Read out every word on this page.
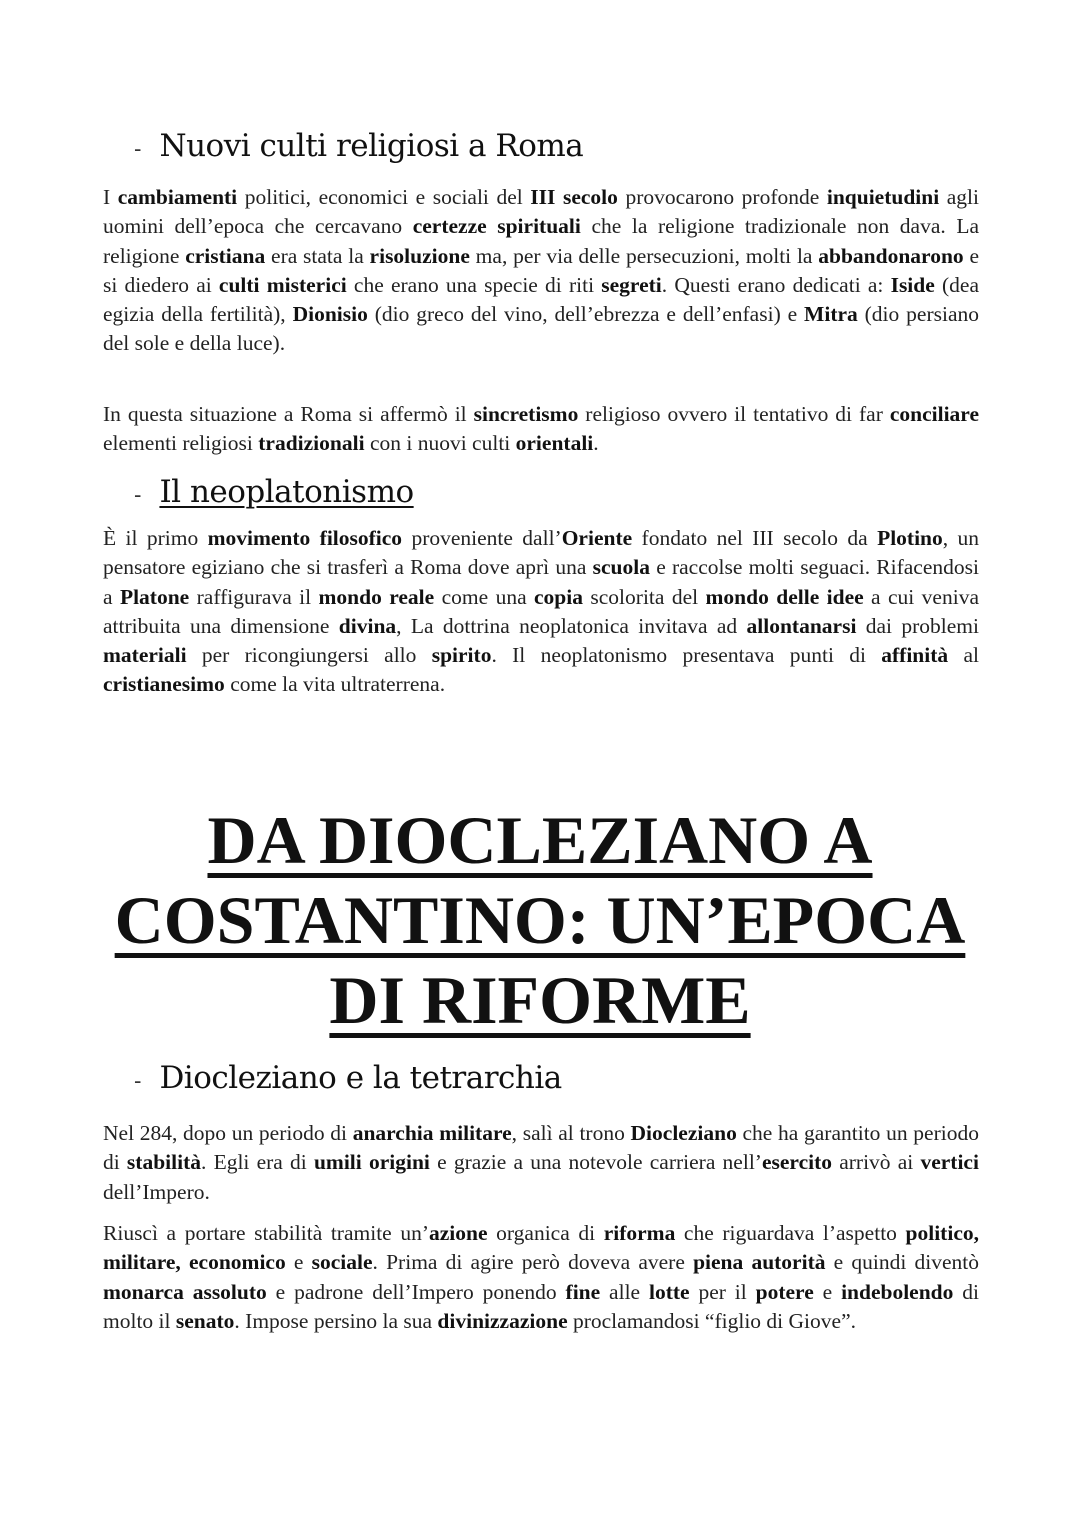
- Nuovi culti religiosi a Roma

I cambiamenti politici, economici e sociali del III secolo provocarono profonde inquietudini agli uomini dell’epoca che cercavano certezze spirituali che la religione tradizionale non dava. La religione cristiana era stata la risoluzione ma, per via delle persecuzioni, molti la abbandonarono e si diedero ai culti misterici che erano una specie di riti segreti. Questi erano dedicati a: Iside (dea egizia della fertilità), Dionisio (dio greco del vino, dell’ebrezza e dell’enfasi) e Mitra (dio persiano del sole e della luce).

In questa situazione a Roma si affermò il sincretismo religioso ovvero il tentativo di far conciliare elementi religiosi tradizionali con i nuovi culti orientali.

- Il neoplatonismo

È il primo movimento filosofico proveniente dall’Oriente fondato nel III secolo da Plotino, un pensatore egiziano che si trasferì a Roma dove aprì una scuola e raccolse molti seguaci. Rifacendosi a Platone raffigurava il mondo reale come una copia scolorita del mondo delle idee a cui veniva attribuita una dimensione divina, La dottrina neoplatonica invitava ad allontanarsi dai problemi materiali per ricongiungersi allo spirito. Il neoplatonismo presentava punti di affinità al cristianesimo come la vita ultraterrena.

DA DIOCLEZIANO A
COSTANTINO: UN’EPOCA
DI RIFORME
- Diocleziano e la tetrarchia

Nel 284, dopo un periodo di anarchia militare, salì al trono Diocleziano che ha garantito un periodo di stabilità. Egli era di umili origini e grazie a una notevole carriera nell’esercito arrivò ai vertici dell’Impero.

Riuscì a portare stabilità tramite un’azione organica di riforma che riguardava l’aspetto politico, militare, economico e sociale. Prima di agire però doveva avere piena autorità e quindi diventò monarca assoluto e padrone dell’Impero ponendo fine alle lotte per il potere e indebolendo di molto il senato. Impose persino la sua divinizzazione proclamandosi “figlio di Giove”.
